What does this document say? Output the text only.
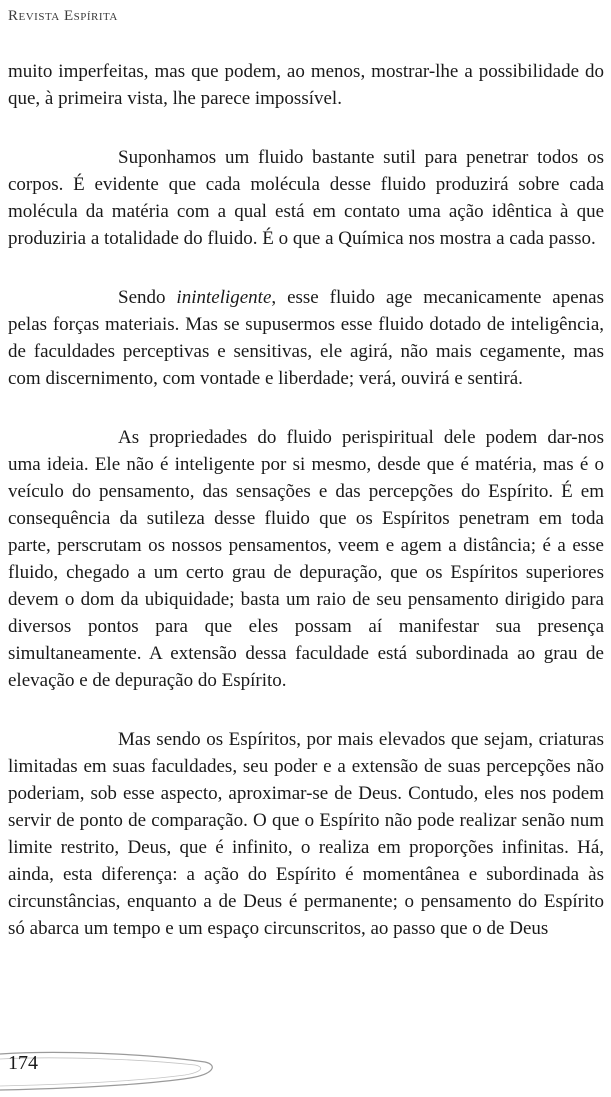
Revista Espírita

muito imperfeitas, mas que podem, ao menos, mostrar-lhe a possibilidade do que, à primeira vista, lhe parece impossível.

Suponhamos um fluido bastante sutil para penetrar todos os corpos. É evidente que cada molécula desse fluido produzirá sobre cada molécula da matéria com a qual está em contato uma ação idêntica à que produziria a totalidade do fluido. É o que a Química nos mostra a cada passo.

Sendo ininteligente, esse fluido age mecanicamente apenas pelas forças materiais. Mas se supusermos esse fluido dotado de inteligência, de faculdades perceptivas e sensitivas, ele agirá, não mais cegamente, mas com discernimento, com vontade e liberdade; verá, ouvirá e sentirá.

As propriedades do fluido perispiritual dele podem dar-nos uma ideia. Ele não é inteligente por si mesmo, desde que é matéria, mas é o veículo do pensamento, das sensações e das percepções do Espírito. É em consequência da sutileza desse fluido que os Espíritos penetram em toda parte, perscrutam os nossos pensamentos, veem e agem a distância; é a esse fluido, chegado a um certo grau de depuração, que os Espíritos superiores devem o dom da ubiquidade; basta um raio de seu pensamento dirigido para diversos pontos para que eles possam aí manifestar sua presença simultaneamente. A extensão dessa faculdade está subordinada ao grau de elevação e de depuração do Espírito.

Mas sendo os Espíritos, por mais elevados que sejam, criaturas limitadas em suas faculdades, seu poder e a extensão de suas percepções não poderiam, sob esse aspecto, aproximar-se de Deus. Contudo, eles nos podem servir de ponto de comparação. O que o Espírito não pode realizar senão num limite restrito, Deus, que é infinito, o realiza em proporções infinitas. Há, ainda, esta diferença: a ação do Espírito é momentânea e subordinada às circunstâncias, enquanto a de Deus é permanente; o pensamento do Espírito só abarca um tempo e um espaço circunscritos, ao passo que o de Deus

174
